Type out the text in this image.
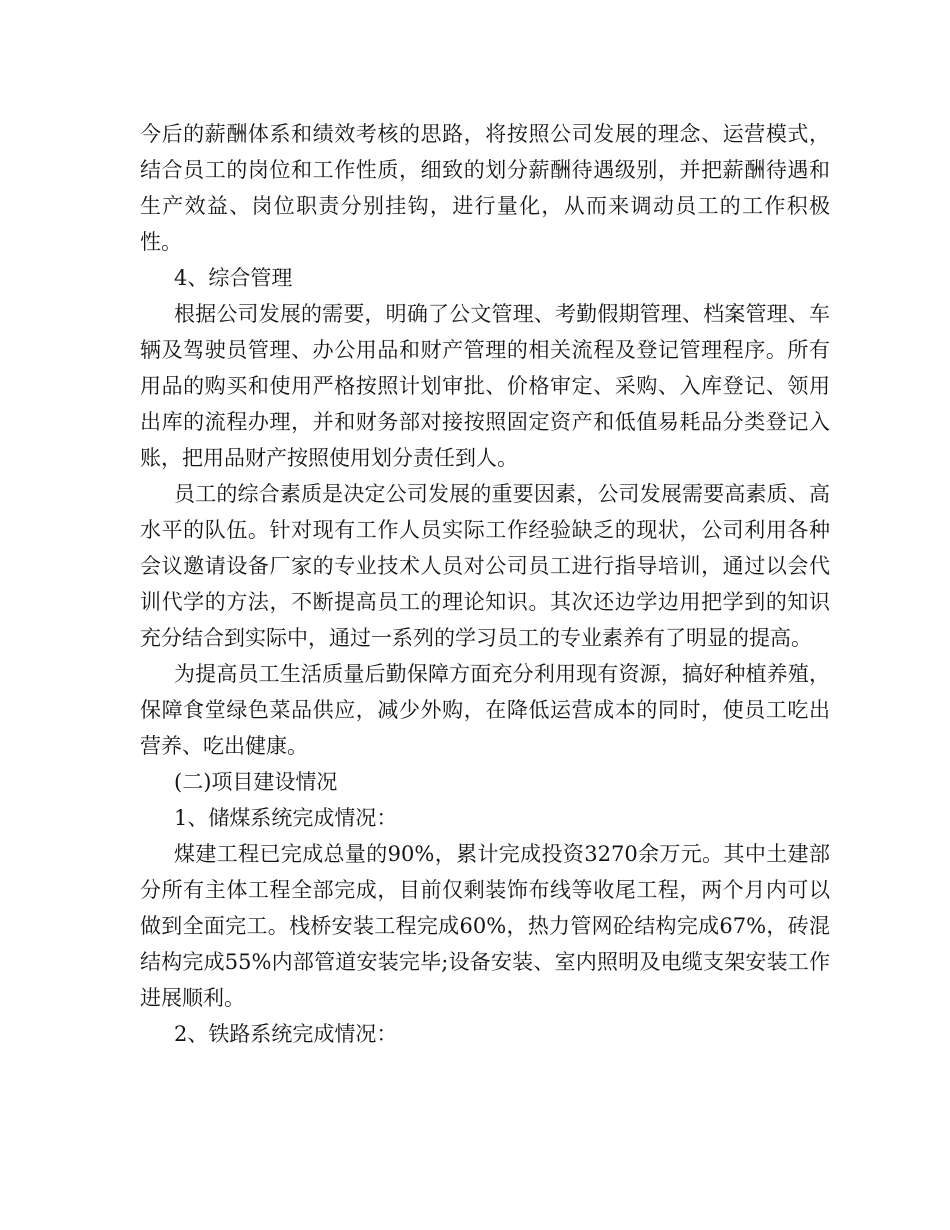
今后的薪酬体系和绩效考核的思路，将按照公司发展的理念、运营模式，结合员工的岗位和工作性质，细致的划分薪酬待遇级别，并把薪酬待遇和生产效益、岗位职责分别挂钩，进行量化，从而来调动员工的工作积极性。

4、综合管理

根据公司发展的需要，明确了公文管理、考勤假期管理、档案管理、车辆及驾驶员管理、办公用品和财产管理的相关流程及登记管理程序。所有用品的购买和使用严格按照计划审批、价格审定、采购、入库登记、领用出库的流程办理，并和财务部对接按照固定资产和低值易耗品分类登记入账，把用品财产按照使用划分责任到人。

员工的综合素质是决定公司发展的重要因素，公司发展需要高素质、高水平的队伍。针对现有工作人员实际工作经验缺乏的现状，公司利用各种会议邀请设备厂家的专业技术人员对公司员工进行指导培训，通过以会代训代学的方法，不断提高员工的理论知识。其次还边学边用把学到的知识充分结合到实际中，通过一系列的学习员工的专业素养有了明显的提高。

为提高员工生活质量后勤保障方面充分利用现有资源，搞好种植养殖，保障食堂绿色菜品供应，减少外购，在降低运营成本的同时，使员工吃出营养、吃出健康。

(二)项目建设情况

1、储煤系统完成情况：

煤建工程已完成总量的90%，累计完成投资3270余万元。其中土建部分所有主体工程全部完成，目前仅剩装饰布线等收尾工程，两个月内可以做到全面完工。栈桥安装工程完成60%，热力管网砼结构完成67%，砖混结构完成55%内部管道安装完毕;设备安装、室内照明及电缆支架安装工作进展顺利。

2、铁路系统完成情况：
